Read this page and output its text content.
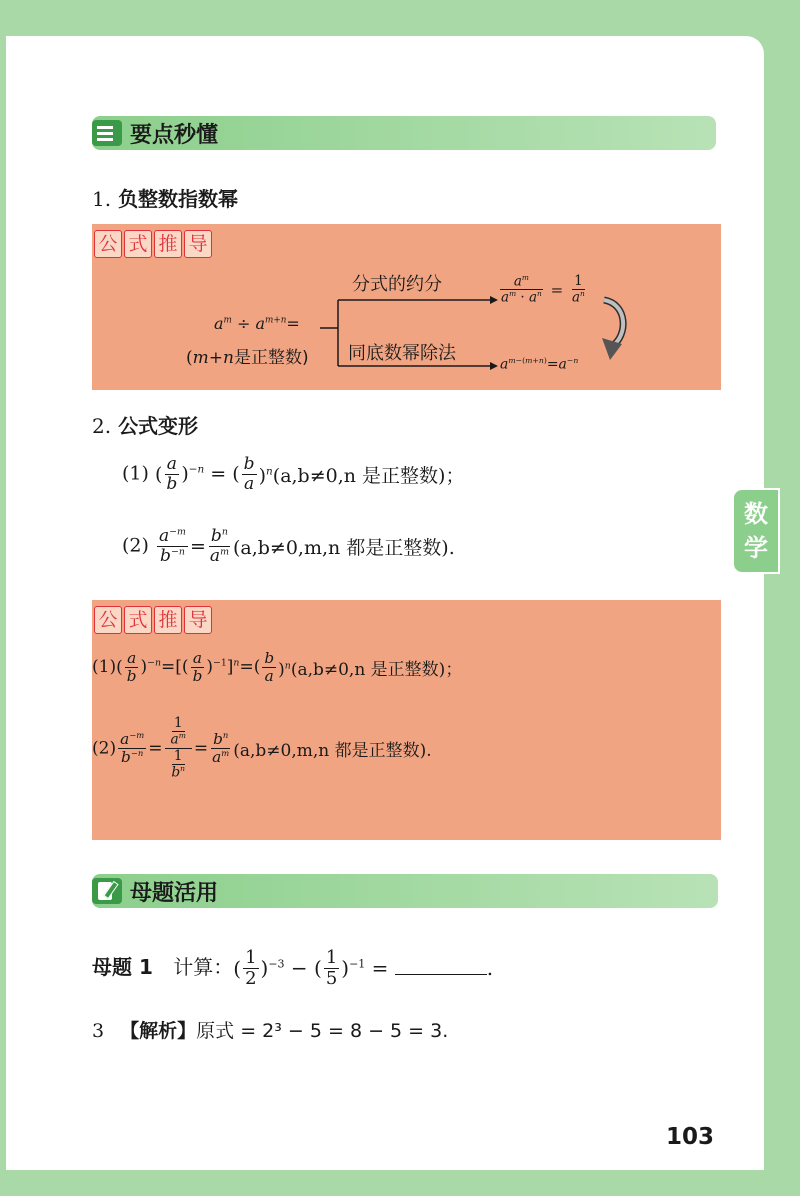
数
学
要点秒懂
1. 负整数指数幂
公 式 推 导
$a^m \div a^{m+n}=$
(m+n是正整数)
分式的约分
同底数幂除法
$\frac{a^m}{a^m \cdot a^n} = \frac{1}{a^n}$
$a^{m-(m+n)}=a^{-n}$
2. 公式变形
(1) ( $\frac{a}{b} )^{-n}$ = ( $\frac{b}{a} )^n(a,b\ne 0,n$ 是正整数)；
$(2) \frac{a^{-m}}{b^{-n}} = \frac{b^n}{a^m} (a,b\ne 0,m,n$ 都是正整数).
公 式 推 导
$(1)( \frac{a}{b} )^{-n}=[( \frac{a}{b} )^{-1}]^n=( \frac{b}{a} )^n(a,b\ne 0,n$ 是正整数)；
$(2) \frac{a^{-m}}{b^{-n}} = \frac{\frac{1}{a^m}}{\frac{1}{b^n}} = \frac{b^n}{a^m} (a,b\ne 0,m,n$ 都是正整数).
母题活用
母题 1 计算：( $\frac{1}{2} )^{-3}$ − ( $\frac{1}{5} )^{-1}$ =	.
3 【解析】原式 = 2³ − 5 = 8 − 5 = 3.
103
